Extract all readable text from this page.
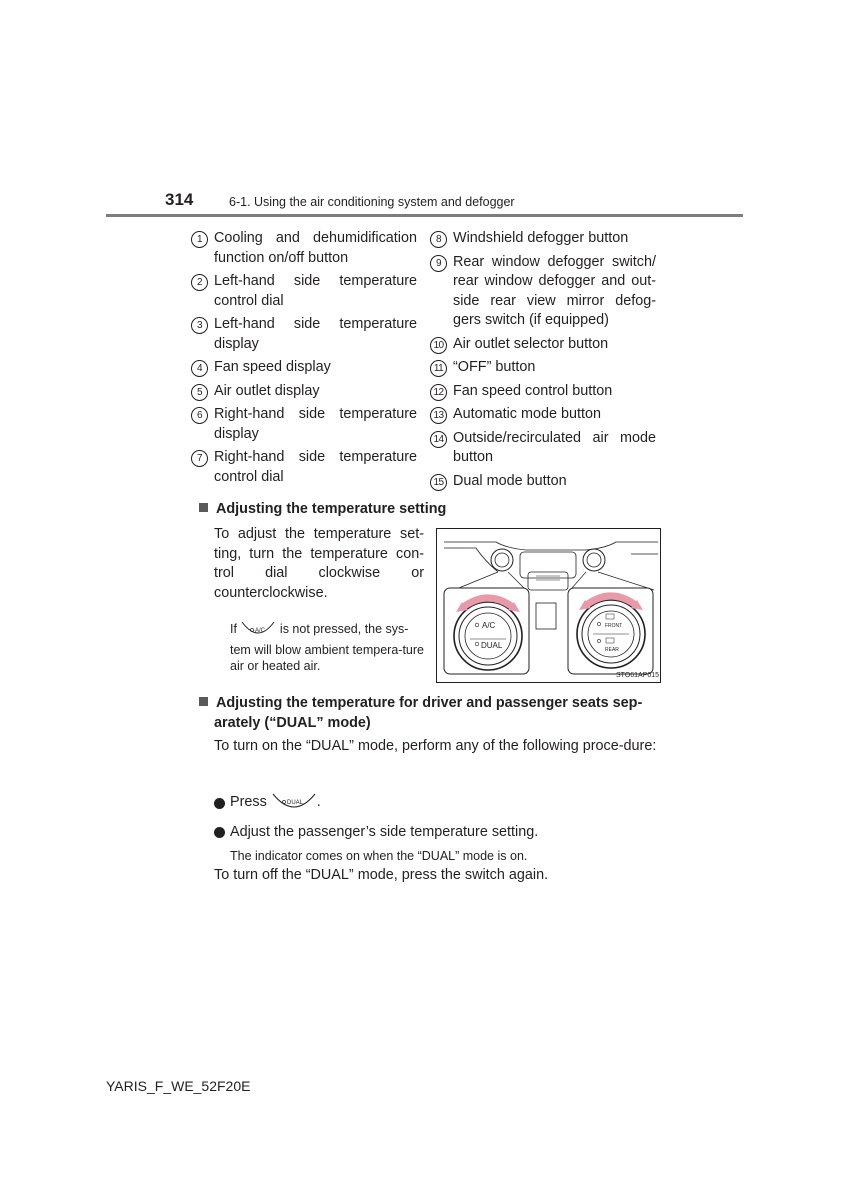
314	6-1. Using the air conditioning system and defogger
1 Cooling and dehumidification function on/off button
2 Left-hand side temperature control dial
3 Left-hand side temperature display
4 Fan speed display
5 Air outlet display
6 Right-hand side temperature display
7 Right-hand side temperature control dial
8 Windshield defogger button
9 Rear window defogger switch/ rear window defogger and out-side rear view mirror defog-gers switch (if equipped)
10 Air outlet selector button
11 “OFF” button
12 Fan speed control button
13 Automatic mode button
14 Outside/recirculated air mode button
15 Dual mode button
Adjusting the temperature setting
To adjust the temperature set-ting, turn the temperature con-trol dial clockwise or counterclockwise.
If	A/C is not pressed, the sys-
tem will blow ambient tempera-ture air or heated air.
A/C
DUAL
FRONT
REAR
STO61AP015
Adjusting the temperature for driver and passenger seats sep-
arately (“DUAL” mode)
To turn on the “DUAL” mode, perform any of the following proce-dure:
Press	DUAL .
Adjust the passenger’s side temperature setting.
The indicator comes on when the “DUAL” mode is on.
To turn off the “DUAL” mode, press the switch again.
YARIS_F_WE_52F20E
